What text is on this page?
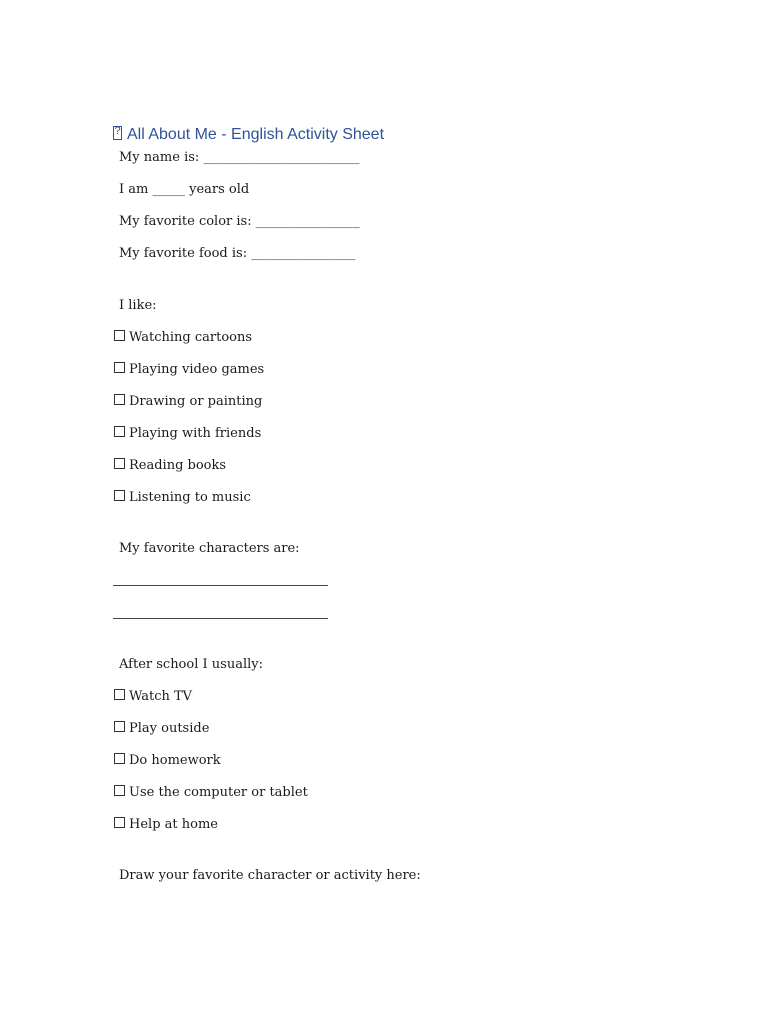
?All About Me - English Activity Sheet
My name is: ________________________
I am _____ years old
My favorite color is: ________________
My favorite food is: ________________
I like:
Watching cartoons
Playing video games
Drawing or painting
Playing with friends
Reading books
Listening to music
My favorite characters are:
After school I usually:
Watch TV
Play outside
Do homework
Use the computer or tablet
Help at home
Draw your favorite character or activity here:
